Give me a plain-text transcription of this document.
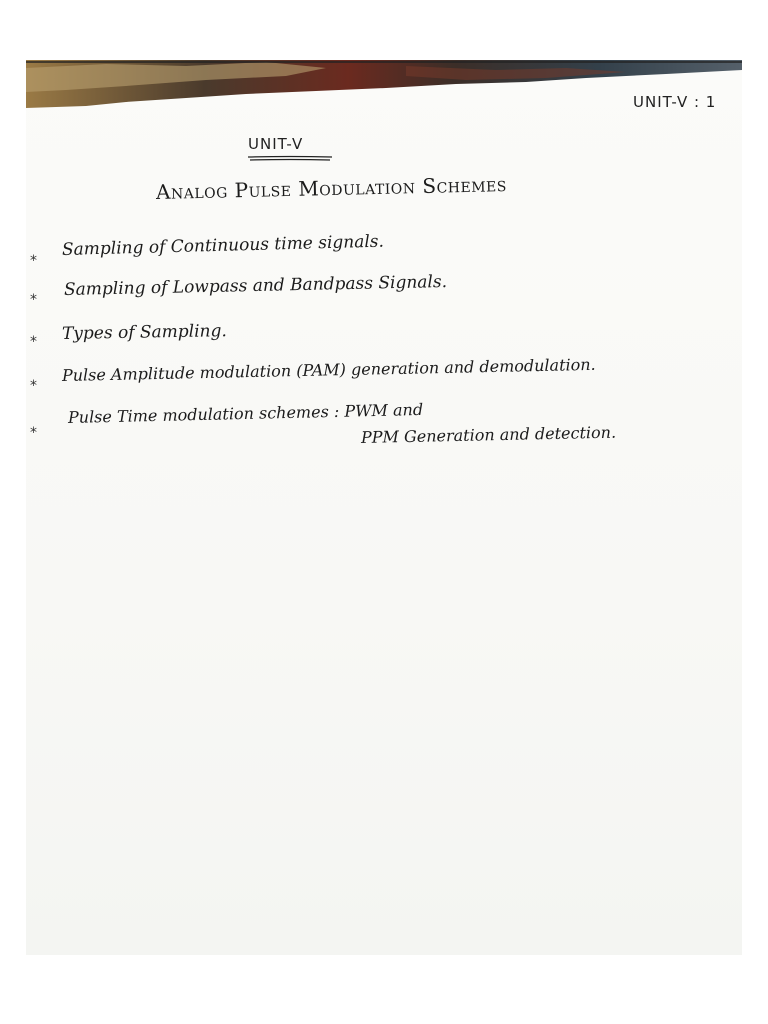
UNIT-V : 1
UNIT-V
Analog Pulse Modulation Schemes
*
Sampling of Continuous time signals.
*
Sampling of Lowpass and Bandpass Signals.
* Types of Sampling.
*
Pulse Amplitude modulation (PAM) generation and demodulation.
*
Pulse Time modulation schemes : PWM and
PPM Generation and detection.
